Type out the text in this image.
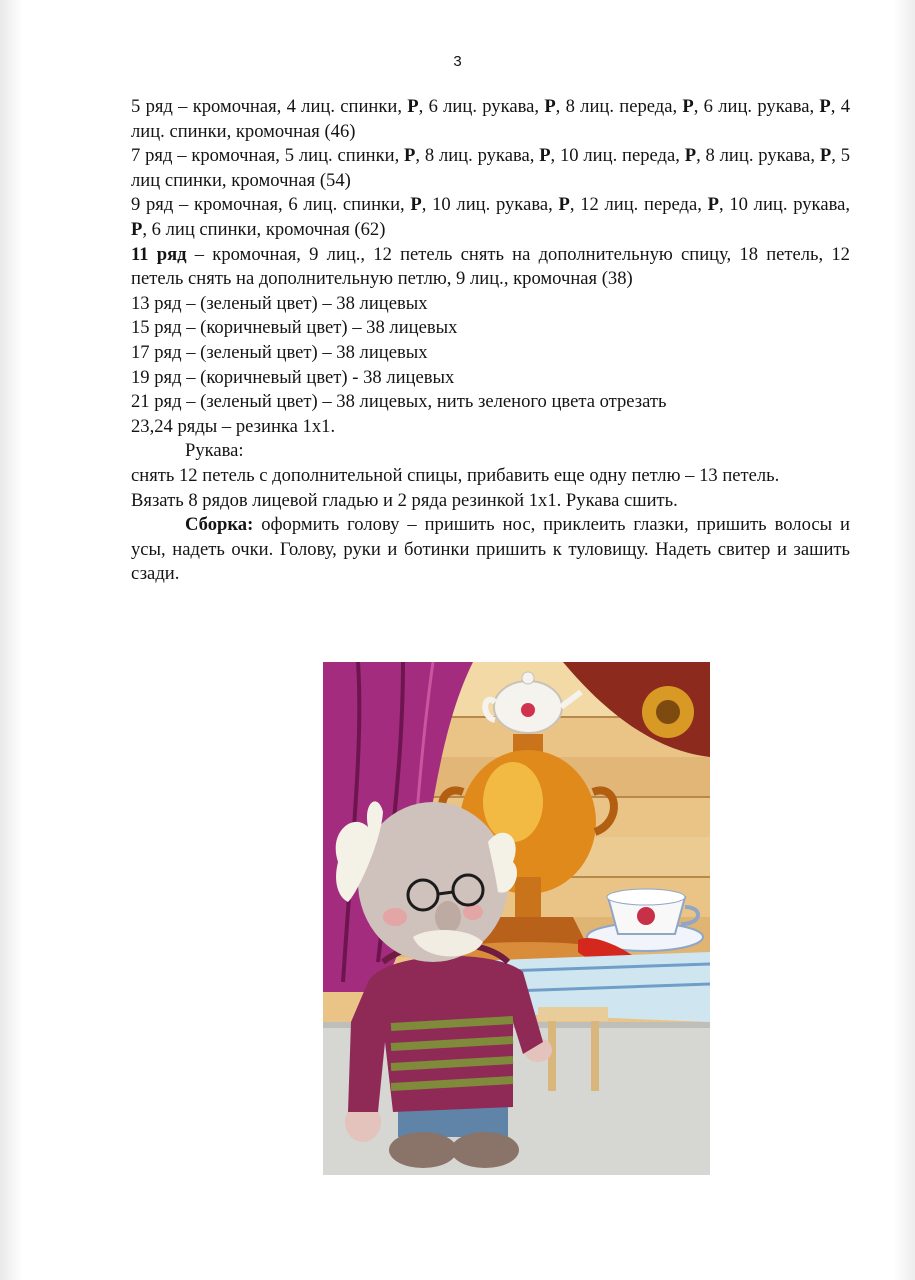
3

5 ряд – кромочная, 4 лиц. спинки, Р, 6 лиц. рукава, Р, 8 лиц. переда, Р, 6 лиц. рукава, Р, 4 лиц. спинки, кромочная (46)

7 ряд – кромочная, 5 лиц. спинки, Р, 8 лиц. рукава, Р, 10 лиц. переда, Р, 8 лиц. рукава, Р, 5 лиц спинки, кромочная (54)

9 ряд – кромочная, 6 лиц. спинки, Р, 10 лиц. рукава, Р, 12 лиц. переда, Р, 10 лиц. рукава, Р, 6 лиц спинки, кромочная (62)

11 ряд – кромочная, 9 лиц., 12 петель снять на дополнительную спицу, 18 петель, 12 петель снять на дополнительную петлю, 9 лиц., кромочная (38)

13 ряд – (зеленый цвет) – 38 лицевых

15 ряд – (коричневый цвет) – 38 лицевых

17 ряд – (зеленый цвет) – 38 лицевых

19 ряд – (коричневый цвет) - 38 лицевых

21 ряд – (зеленый цвет) – 38 лицевых, нить зеленого цвета отрезать

23,24 ряды – резинка 1х1.

Рукава:

снять 12 петель с дополнительной спицы, прибавить еще одну петлю – 13 петель.

Вязать 8 рядов лицевой гладью и 2 ряда резинкой 1х1. Рукава сшить.

Сборка: оформить голову – пришить нос, приклеить глазки, пришить волосы и усы, надеть очки. Голову, руки и ботинки пришить к туловищу. Надеть свитер и зашить сзади.
